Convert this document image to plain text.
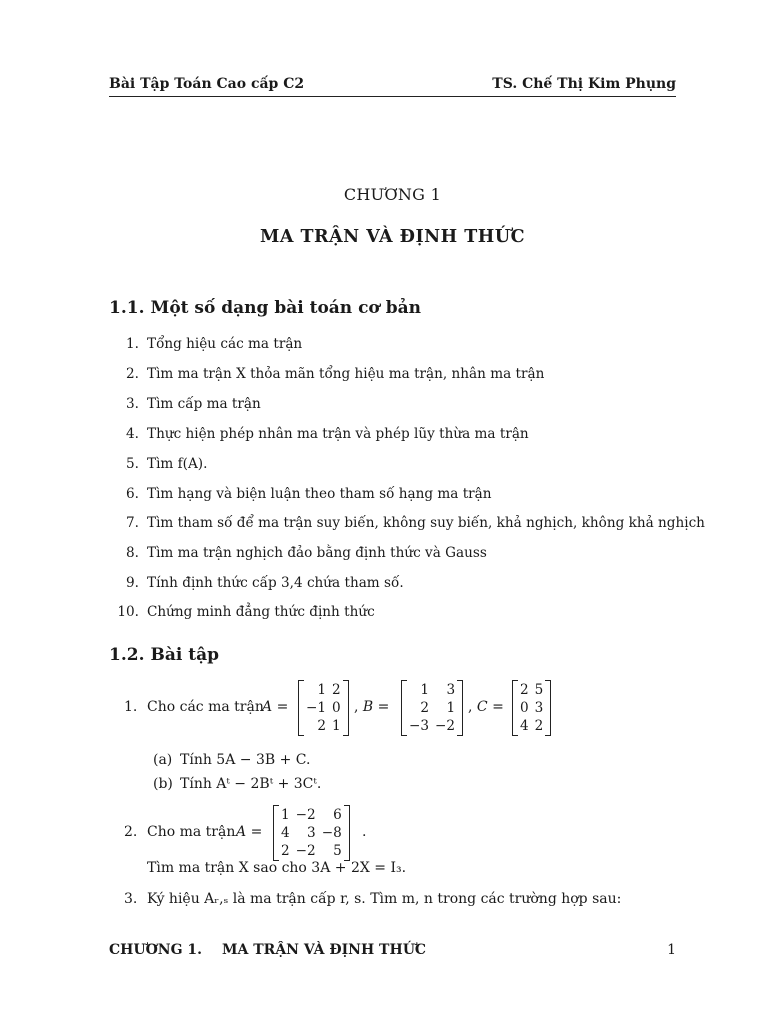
Bài Tập Toán Cao cấp C2	TS. Chế Thị Kim Phụng
CHƯƠNG 1
MA TRẬN VÀ ĐỊNH THỨC
1.1. Một số dạng bài toán cơ bản
1. Tổng hiệu các ma trận
2. Tìm ma trận X thỏa mãn tổng hiệu ma trận, nhân ma trận
3. Tìm cấp ma trận
4. Thực hiện phép nhân ma trận và phép lũy thừa ma trận
5. Tìm f(A).
6. Tìm hạng và biện luận theo tham số hạng ma trận
7. Tìm tham số để ma trận suy biến, không suy biến, khả nghịch, không khả nghịch
8. Tìm ma trận nghịch đảo bằng định thức và Gauss
9. Tính định thức cấp 3,4 chứa tham số.
10. Chứng minh đẳng thức định thức
1.2. Bài tập
1. Cho các ma trận
A =
1	2
−1	0
2	1
, B =
1	3
2	1
−3	−2
, C =
2	5
0	3
4	2
(a) Tính 5A − 3B + C.
(b) Tính Aᵗ − 2Bᵗ + 3Cᵗ.
2. Cho ma trận A =
1	−2	6
4	3	−8
2	−2	5
.
Tìm ma trận X sao cho 3A + 2X = I₃.
3. Ký hiệu Aᵣ,ₛ là ma trận cấp r, s. Tìm m, n trong các trường hợp sau:
CHƯƠNG 1. MA TRẬN VÀ ĐỊNH THỨC	1
